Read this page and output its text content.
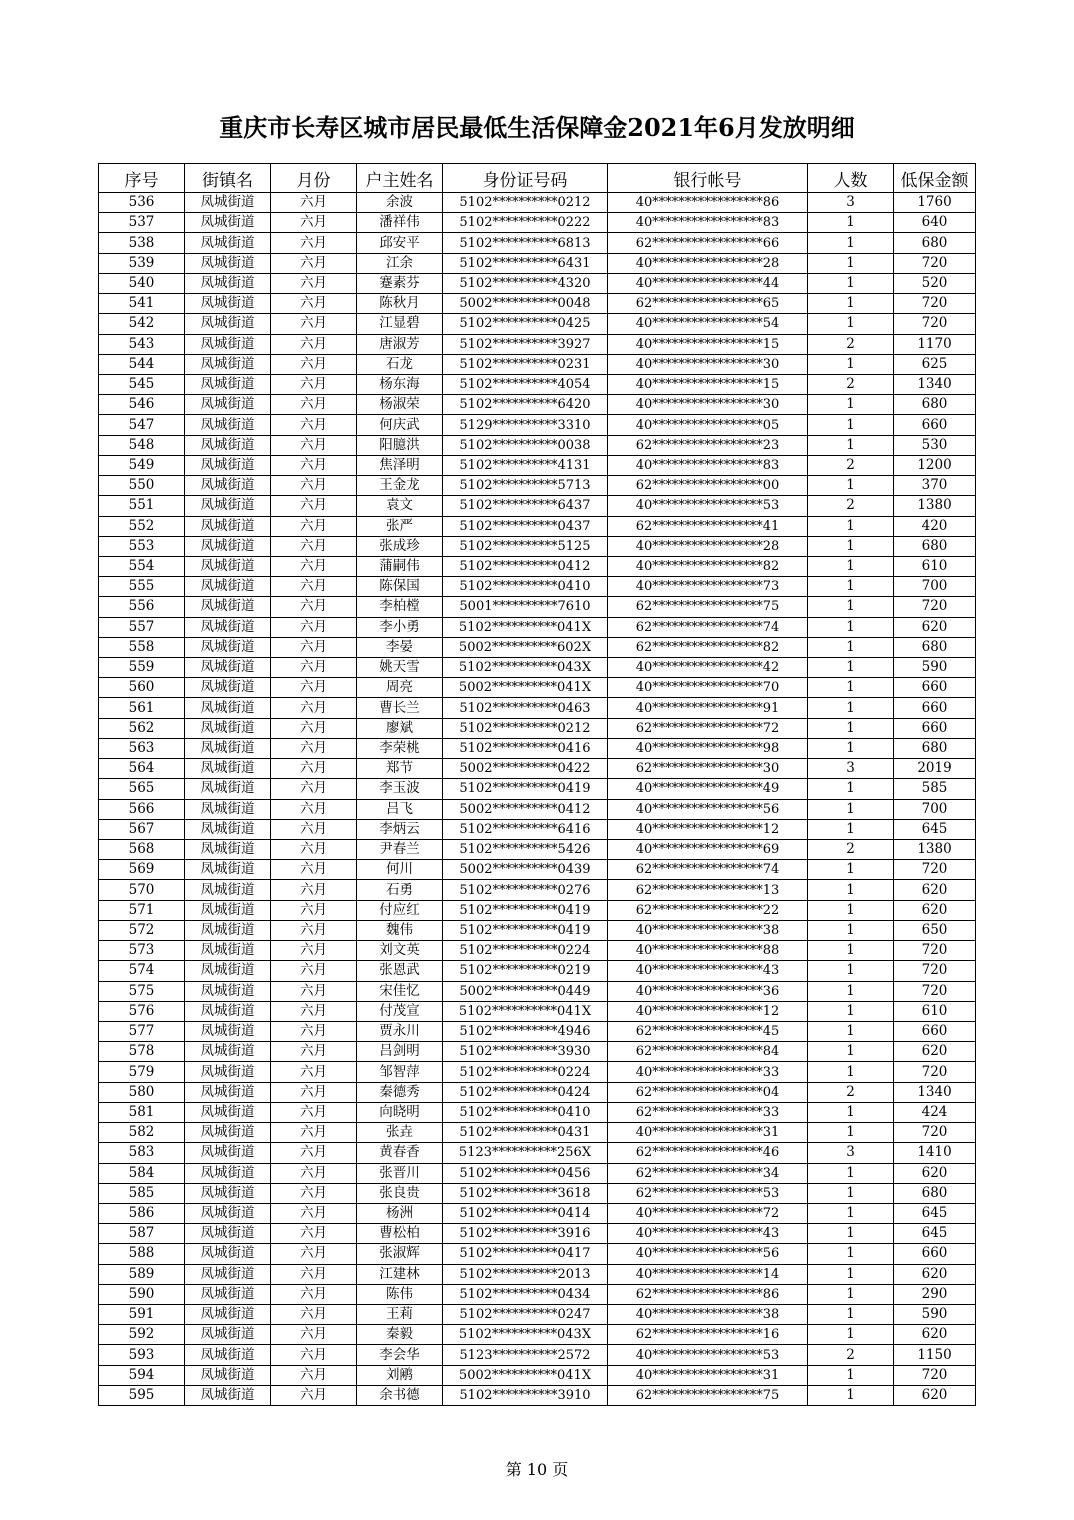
重庆市长寿区城市居民最低生活保障金2021年6月发放明细
序号	街镇名	月份	户主姓名	身份证号码	银行帐号	人数	低保金额
536	凤城街道	六月	余波	5102**********0212	40*****************86	3	1760
537	凤城街道	六月	潘祥伟	5102**********0222	40*****************83	1	640
538	凤城街道	六月	邱安平	5102**********6813	62*****************66	1	680
539	凤城街道	六月	江余	5102**********6431	40*****************28	1	720
540	凤城街道	六月	蹇素芬	5102**********4320	40*****************44	1	520
541	凤城街道	六月	陈秋月	5002**********0048	62*****************65	1	720
542	凤城街道	六月	江显碧	5102**********0425	40*****************54	1	720
543	凤城街道	六月	唐淑芳	5102**********3927	40*****************15	2	1170
544	凤城街道	六月	石龙	5102**********0231	40*****************30	1	625
545	凤城街道	六月	杨东海	5102**********4054	40*****************15	2	1340
546	凤城街道	六月	杨淑荣	5102**********6420	40*****************30	1	680
547	凤城街道	六月	何庆武	5129**********3310	40*****************05	1	660
548	凤城街道	六月	阳臆洪	5102**********0038	62*****************23	1	530
549	凤城街道	六月	焦泽明	5102**********4131	40*****************83	2	1200
550	凤城街道	六月	王金龙	5102**********5713	62*****************00	1	370
551	凤城街道	六月	袁文	5102**********6437	40*****************53	2	1380
552	凤城街道	六月	张严	5102**********0437	62*****************41	1	420
553	凤城街道	六月	张成珍	5102**********5125	40*****************28	1	680
554	凤城街道	六月	蒲嗣伟	5102**********0412	40*****************82	1	610
555	凤城街道	六月	陈保国	5102**********0410	40*****************73	1	700
556	凤城街道	六月	李柏樘	5001**********7610	62*****************75	1	720
557	凤城街道	六月	李小勇	5102**********041X	62*****************74	1	620
558	凤城街道	六月	李晏	5002**********602X	62*****************82	1	680
559	凤城街道	六月	姚天雪	5102**********043X	40*****************42	1	590
560	凤城街道	六月	周亮	5002**********041X	40*****************70	1	660
561	凤城街道	六月	曹长兰	5102**********0463	40*****************91	1	660
562	凤城街道	六月	廖斌	5102**********0212	62*****************72	1	660
563	凤城街道	六月	李荣桃	5102**********0416	40*****************98	1	680
564	凤城街道	六月	郑节	5002**********0422	62*****************30	3	2019
565	凤城街道	六月	李玉波	5102**********0419	40*****************49	1	585
566	凤城街道	六月	吕飞	5002**********0412	40*****************56	1	700
567	凤城街道	六月	李炳云	5102**********6416	40*****************12	1	645
568	凤城街道	六月	尹春兰	5102**********5426	40*****************69	2	1380
569	凤城街道	六月	何川	5002**********0439	62*****************74	1	720
570	凤城街道	六月	石勇	5102**********0276	62*****************13	1	620
571	凤城街道	六月	付应红	5102**********0419	62*****************22	1	620
572	凤城街道	六月	魏伟	5102**********0419	40*****************38	1	650
573	凤城街道	六月	刘文英	5102**********0224	40*****************88	1	720
574	凤城街道	六月	张恩武	5102**********0219	40*****************43	1	720
575	凤城街道	六月	宋佳忆	5002**********0449	40*****************36	1	720
576	凤城街道	六月	付茂宣	5102**********041X	40*****************12	1	610
577	凤城街道	六月	贾永川	5102**********4946	62*****************45	1	660
578	凤城街道	六月	吕剑明	5102**********3930	62*****************84	1	620
579	凤城街道	六月	邹智萍	5102**********0224	40*****************33	1	720
580	凤城街道	六月	秦德秀	5102**********0424	62*****************04	2	1340
581	凤城街道	六月	向晓明	5102**********0410	62*****************33	1	424
582	凤城街道	六月	张垚	5102**********0431	40*****************31	1	720
583	凤城街道	六月	黄春香	5123**********256X	62*****************46	3	1410
584	凤城街道	六月	张晋川	5102**********0456	62*****************34	1	620
585	凤城街道	六月	张良贵	5102**********3618	62*****************53	1	680
586	凤城街道	六月	杨洲	5102**********0414	40*****************72	1	645
587	凤城街道	六月	曹松柏	5102**********3916	40*****************43	1	645
588	凤城街道	六月	张淑辉	5102**********0417	40*****************56	1	660
589	凤城街道	六月	江建林	5102**********2013	40*****************14	1	620
590	凤城街道	六月	陈伟	5102**********0434	62*****************86	1	290
591	凤城街道	六月	王莉	5102**********0247	40*****************38	1	590
592	凤城街道	六月	秦毅	5102**********043X	62*****************16	1	620
593	凤城街道	六月	李会华	5123**********2572	40*****************53	2	1150
594	凤城街道	六月	刘鹇	5002**********041X	40*****************31	1	720
595	凤城街道	六月	余书德	5102**********3910	62*****************75	1	620
第 10 页
